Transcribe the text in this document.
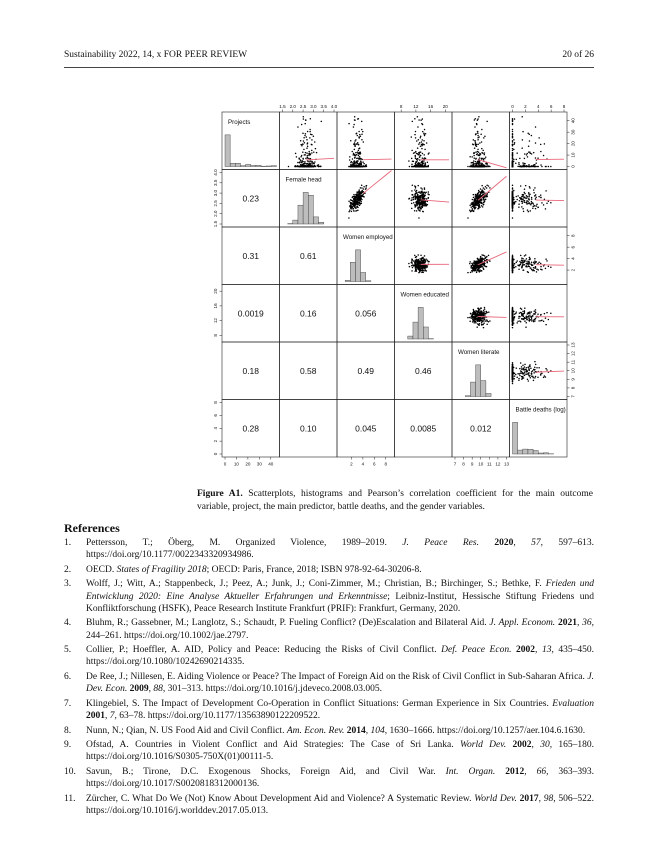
Sustainability 2022, 14, x FOR PEER REVIEW	20 of 26
Projects
Female head
Women employed
Women educated
Women literate
Battle deaths (log)
0.23
0.31	0.61
0.0019	0.16	0.056
0.18	0.58	0.49	0.46
0.28	0.10	0.045	0.0085	0.012
1.5 2.0 2.5 3.0 3.5 4.0	8 12 16 20	0 2 4 6 8
0 10 20 30 40	2 4 6 8	7 8 9 10 11 12 13
1.5
2.0
2.5
3.0
3.5
4.0
8
12
16
20
0
2
4
6
8
0
10
20
30
40
2
4
6
8
7
8
9
10
11
12
13
Figure A1. Scatterplots, histograms and Pearson’s correlation coefficient for the main outcome variable, project, the main predictor, battle deaths, and the gender variables.
References
1. Pettersson, T.; Öberg, M. Organized Violence, 1989–2019. J. Peace Res. 2020, 57, 597–613. https://doi.org/10.1177/0022343320934986.
2. OECD. States of Fragility 2018; OECD: Paris, France, 2018; ISBN 978-92-64-30206-8.
3. Wolff, J.; Witt, A.; Stappenbeck, J.; Peez, A.; Junk, J.; Coni-Zimmer, M.; Christian, B.; Birchinger, S.; Bethke, F. Frieden und Entwicklung 2020: Eine Analyse Aktueller Erfahrungen und Erkenntnisse; Leibniz-Institut, Hessische Stiftung Friedens und Konfliktforschung (HSFK), Peace Research Institute Frankfurt (PRIF): Frankfurt, Germany, 2020.
4. Bluhm, R.; Gassebner, M.; Langlotz, S.; Schaudt, P. Fueling Conflict? (De)Escalation and Bilateral Aid. J. Appl. Econom. 2021, 36, 244–261. https://doi.org/10.1002/jae.2797.
5. Collier, P.; Hoeffler, A. AID, Policy and Peace: Reducing the Risks of Civil Conflict. Def. Peace Econ. 2002, 13, 435–450. https://doi.org/10.1080/10242690214335.
6. De Ree, J.; Nillesen, E. Aiding Violence or Peace? The Impact of Foreign Aid on the Risk of Civil Conflict in Sub-Saharan Africa. J. Dev. Econ. 2009, 88, 301–313. https://doi.org/10.1016/j.jdeveco.2008.03.005.
7. Klingebiel, S. The Impact of Development Co-Operation in Conflict Situations: German Experience in Six Countries. Evaluation 2001, 7, 63–78. https://doi.org/10.1177/13563890122209522.
8. Nunn, N.; Qian, N. US Food Aid and Civil Conflict. Am. Econ. Rev. 2014, 104, 1630–1666. https://doi.org/10.1257/aer.104.6.1630.
9. Ofstad, A. Countries in Violent Conflict and Aid Strategies: The Case of Sri Lanka. World Dev. 2002, 30, 165–180. https://doi.org/10.1016/S0305-750X(01)00111-5.
10. Savun, B.; Tirone, D.C. Exogenous Shocks, Foreign Aid, and Civil War. Int. Organ. 2012, 66, 363–393. https://doi.org/10.1017/S0020818312000136.
11. Zürcher, C. What Do We (Not) Know About Development Aid and Violence? A Systematic Review. World Dev. 2017, 98, 506–522. https://doi.org/10.1016/j.worlddev.2017.05.013.
